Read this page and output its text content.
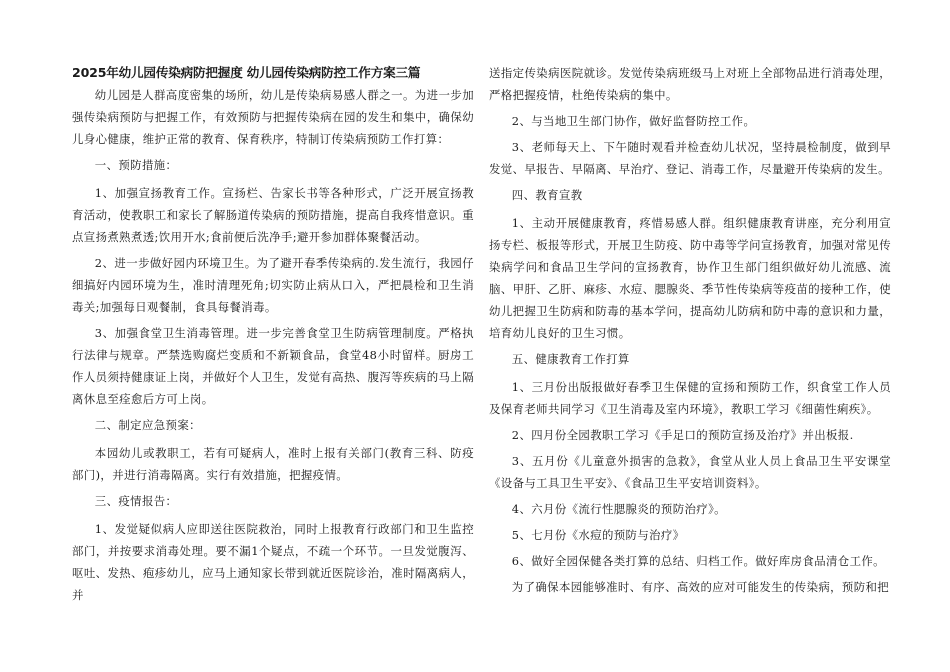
2025年幼儿园传染病防把握度 幼儿园传染病防控工作方案三篇

幼儿园是人群高度密集的场所，幼儿是传染病易感人群之一。为进一步加强传染病预防与把握工作，有效预防与把握传染病在园的发生和集中，确保幼儿身心健康，维护正常的教育、保育秩序，特制订传染病预防工作打算：

一、预防措施：

1、加强宣扬教育工作。宣扬栏、告家长书等各种形式，广泛开展宣扬教育活动，使教职工和家长了解肠道传染病的预防措施，提高自我疼惜意识。重点宣扬煮熟煮透;饮用开水;食前便后洗净手;避开参加群体聚餐活动。

2、进一步做好园内环境卫生。为了避开春季传染病的.发生流行，我园仔细搞好内园环境为生，准时清理死角;切实防止病从口入，严把晨检和卫生消毒关;加强每日观餐制，食具每餐消毒。

3、加强食堂卫生消毒管理。进一步完善食堂卫生防病管理制度。严格执行法律与规章。严禁选购腐烂变质和不新颖食品，食堂48小时留样。厨房工作人员须持健康证上岗，并做好个人卫生，发觉有高热、腹泻等疾病的马上隔离休息至痊愈后方可上岗。

二、制定应急预案：

本园幼儿或教职工，若有可疑病人，准时上报有关部门(教育三科、防疫部门)，并进行消毒隔离。实行有效措施，把握疫情。

三、疫情报告：

1、发觉疑似病人应即送往医院救治，同时上报教育行政部门和卫生监控部门，并按要求消毒处理。要不漏1个疑点，不疏一个环节。一旦发觉腹泻、呕吐、发热、疱疹幼儿，应马上通知家长带到就近医院诊治，准时隔离病人，并

送指定传染病医院就诊。发觉传染病班级马上对班上全部物品进行消毒处理，严格把握疫情，杜绝传染病的集中。

2、与当地卫生部门协作，做好监督防控工作。

3、老师每天上、下午随时观看并检查幼儿状况，坚持晨检制度，做到早发觉、早报告、早隔离、早治疗、登记、消毒工作，尽量避开传染病的发生。

四、教育宣教

1、主动开展健康教育，疼惜易感人群。组织健康教育讲座，充分利用宣扬专栏、板报等形式，开展卫生防疫、防中毒等学问宣扬教育，加强对常见传染病学问和食品卫生学问的宣扬教育，协作卫生部门组织做好幼儿流感、流脑、甲肝、乙肝、麻疹、水痘、腮腺炎、季节性传染病等疫苗的接种工作，使幼儿把握卫生防病和防毒的基本学问，提高幼儿防病和防中毒的意识和力量，培育幼儿良好的卫生习惯。

五、健康教育工作打算

1、三月份出版报做好春季卫生保健的宣扬和预防工作，织食堂工作人员及保育老师共同学习《卫生消毒及室内环境》，教职工学习《细菌性痢疾》。

2、四月份全园教职工学习《手足口的预防宣扬及治疗》并出板报.

3、五月份《儿童意外损害的急救》，食堂从业人员上食品卫生平安课堂《设备与工具卫生平安》、《食品卫生平安培训资料》。

4、六月份《流行性腮腺炎的预防治疗》。

5、七月份《水痘的预防与治疗》

6、做好全园保健各类打算的总结、归档工作。做好库房食品清仓工作。

为了确保本园能够准时、有序、高效的应对可能发生的传染病，预防和把
